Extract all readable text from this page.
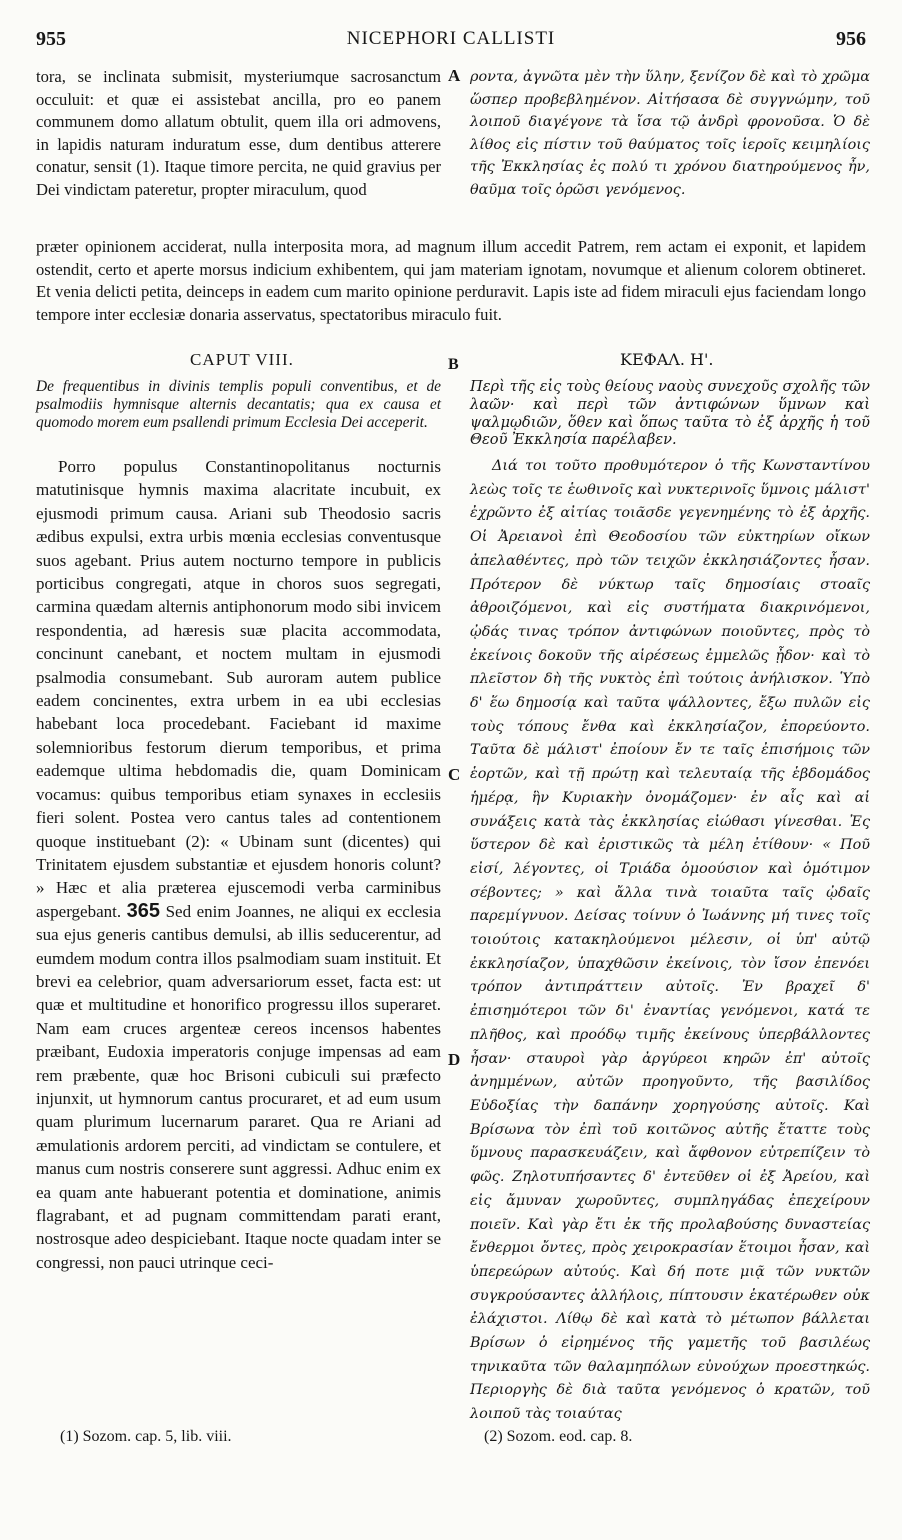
955	NICEPHORI CALLISTI	956
A
B
C
D

tora, se inclinata submisit, mysteriumque sacrosanctum occuluit: et quæ ei assistebat ancilla, pro eo panem communem domo allatum obtulit, quem illa ori admovens, in lapidis naturam induratum esse, dum dentibus atterere conatur, sensit (1). Itaque timore percita, ne quid gravius per Dei vindictam pateretur, propter miraculum, quod

ροντα, ἀγνῶτα μὲν τὴν ὕλην, ξενίζον δὲ καὶ τὸ χρῶμα ὥσπερ προβεβλημένον. Αἰτήσασα δὲ συγγνώμην, τοῦ λοιποῦ διαγέγονε τὰ ἴσα τῷ ἀνδρὶ φρονοῦσα. Ὁ δὲ λίθος εἰς πίστιν τοῦ θαύματος τοῖς ἱεροῖς κειμηλίοις τῆς Ἐκκλησίας ἐς πολύ τι χρόνου διατηρούμενος ἦν, θαῦμα τοῖς ὁρῶσι γενόμενος.

præter opinionem acciderat, nulla interposita mora, ad magnum illum accedit Patrem, rem actam ei exponit, et lapidem ostendit, certo et aperte morsus indicium exhibentem, qui jam materiam ignotam, novumque et alienum colorem obtineret. Et venia delicti petita, deinceps in eadem cum marito opinione perduravit. Lapis iste ad fidem miraculi ejus faciendam longo tempore inter ecclesiæ donaria asservatus, spectatoribus miraculo fuit.

CAPUT VIII.	ΚΕΦΑΛ. Η'.

De frequentibus in divinis templis populi conventibus, et de psalmodiis hymnisque alternis decantatis; qua ex causa et quomodo morem eum psallendi primum Ecclesia Dei acceperit.

Περὶ τῆς εἰς τοὺς θείους ναοὺς συνεχοῦς σχολῆς τῶν λαῶν· καὶ περὶ τῶν ἀντιφώνων ὕμνων καὶ ψαλμῳδιῶν, ὅθεν καὶ ὅπως ταῦτα τὸ ἐξ ἀρχῆς ἡ τοῦ Θεοῦ Ἐκκλησία παρέλαβεν.

Porro populus Constantinopolitanus nocturnis matutinisque hymnis maxima alacritate incubuit, ex ejusmodi primum causa. Ariani sub Theodosio sacris ædibus expulsi, extra urbis mœnia ecclesias conventusque suos agebant. Prius autem nocturno tempore in publicis porticibus congregati, atque in choros suos segregati, carmina quædam alternis antiphonorum modo sibi invicem respondentia, ad hæresis suæ placita accommodata, concinunt canebant, et noctem multam in ejusmodi psalmodia consumebant. Sub auroram autem publice eadem concinentes, extra urbem in ea ubi ecclesias habebant loca procedebant. Faciebant id maxime solemnioribus festorum dierum temporibus, et prima eademque ultima hebdomadis die, quam Dominicam vocamus: quibus temporibus etiam synaxes in ecclesiis fieri solent. Postea vero cantus tales ad contentionem quoque instituebant (2): « Ubinam sunt (dicentes) qui Trinitatem ejusdem substantiæ et ejusdem honoris colunt? » Hæc et alia præterea ejuscemodi verba carminibus aspergebant. 365 Sed enim Joannes, ne aliqui ex ecclesia sua ejus generis cantibus demulsi, ab illis seducerentur, ad eumdem modum contra illos psalmodiam suam instituit. Et brevi ea celebrior, quam adversariorum esset, facta est: ut quæ et multitudine et honorifico progressu illos superaret. Nam eam cruces argenteæ cereos incensos habentes præibant, Eudoxia imperatoris conjuge impensas ad eam rem præbente, quæ hoc Brisoni cubiculi sui præfecto injunxit, ut hymnorum cantus procuraret, et ad eum usum quam plurimum lucernarum pararet. Qua re Ariani ad æmulationis ardorem perciti, ad vindictam se contulere, et manus cum nostris conserere sunt aggressi. Adhuc enim ex ea quam ante habuerant potentia et dominatione, animis flagrabant, et ad pugnam committendam parati erant, nostrosque adeo despiciebant. Itaque nocte quadam inter se congressi, non pauci utrinque ceci-

Διά τοι τοῦτο προθυμότερον ὁ τῆς Κωνσταντίνου λεὼς τοῖς τε ἑωθινοῖς καὶ νυκτερινοῖς ὕμνοις μάλιστ' ἐχρῶντο ἐξ αἰτίας τοιᾶσδε γεγενημένης τὸ ἐξ ἀρχῆς. Οἱ Ἀρειανοὶ ἐπὶ Θεοδοσίου τῶν εὐκτηρίων οἴκων ἀπελαθέντες, πρὸ τῶν τειχῶν ἐκκλησιάζοντες ἦσαν. Πρότερον δὲ νύκτωρ ταῖς δημοσίαις στοαῖς ἀθροιζόμενοι, καὶ εἰς συστήματα διακρινόμενοι, ᾠδάς τινας τρόπον ἀντιφώνων ποιοῦντες, πρὸς τὸ ἐκείνοις δοκοῦν τῆς αἱρέσεως ἐμμελῶς ᾖδον· καὶ τὸ πλεῖστον δὴ τῆς νυκτὸς ἐπὶ τούτοις ἀνήλισκον. Ὑπὸ δ' ἕω δημοσίᾳ καὶ ταῦτα ψάλλοντες, ἔξω πυλῶν εἰς τοὺς τόπους ἔνθα καὶ ἐκκλησίαζον, ἐπορεύοντο. Ταῦτα δὲ μάλιστ' ἐποίουν ἔν τε ταῖς ἐπισήμοις τῶν ἑορτῶν, καὶ τῇ πρώτῃ καὶ τελευταίᾳ τῆς ἑβδομάδος ἡμέρᾳ, ἣν Κυριακὴν ὀνομάζομεν· ἐν αἷς καὶ αἱ συνάξεις κατὰ τὰς ἐκκλησίας εἰώθασι γίνεσθαι. Ἐς ὕστερον δὲ καὶ ἐριστικῶς τὰ μέλη ἐτίθουν· « Ποῦ εἰσί, λέγοντες, οἱ Τριάδα ὁμοούσιον καὶ ὁμότιμον σέβοντες; » καὶ ἄλλα τινὰ τοιαῦτα ταῖς ᾠδαῖς παρεμίγνυον. Δείσας τοίνυν ὁ Ἰωάννης μή τινες τοῖς τοιούτοις κατακηλούμενοι μέλεσιν, οἱ ὑπ' αὐτῷ ἐκκλησίαζον, ὑπαχθῶσιν ἐκείνοις, τὸν ἴσον ἐπενόει τρόπον ἀντιπράττειν αὐτοῖς. Ἐν βραχεῖ δ' ἐπισημότεροι τῶν δι' ἐναντίας γενόμενοι, κατά τε πλῆθος, καὶ προόδῳ τιμῆς ἐκείνους ὑπερβάλλοντες ἦσαν· σταυροὶ γὰρ ἀργύρεοι κηρῶν ἐπ' αὐτοῖς ἀνημμένων, αὐτῶν προηγοῦντο, τῆς βασιλίδος Εὐδοξίας τὴν δαπάνην χορηγούσης αὐτοῖς. Καὶ Βρίσωνα τὸν ἐπὶ τοῦ κοιτῶνος αὐτῆς ἔταττε τοὺς ὕμνους παρασκευάζειν, καὶ ἄφθονον εὐτρεπίζειν τὸ φῶς. Ζηλοτυπήσαντες δ' ἐντεῦθεν οἱ ἐξ Ἀρείου, καὶ εἰς ἄμυναν χωροῦντες, συμπληγάδας ἐπεχείρουν ποιεῖν. Καὶ γὰρ ἔτι ἐκ τῆς προλαβούσης δυναστείας ἔνθερμοι ὄντες, πρὸς χειροκρασίαν ἕτοιμοι ἦσαν, καὶ ὑπερεώρων αὐτούς. Καὶ δή ποτε μιᾷ τῶν νυκτῶν συγκρούσαντες ἀλλήλοις, πίπτουσιν ἑκατέρωθεν οὐκ ἐλάχιστοι. Λίθῳ δὲ καὶ κατὰ τὸ μέτωπον βάλλεται Βρίσων ὁ εἰρημένος τῆς γαμετῆς τοῦ βασιλέως τηνικαῦτα τῶν θαλαμηπόλων εὐνούχων προεστηκώς. Περιοργὴς δὲ διὰ ταῦτα γενόμενος ὁ κρατῶν, τοῦ λοιποῦ τὰς τοιαύτας

(1) Sozom. cap. 5, lib. viii.	(2) Sozom. eod. cap. 8.
